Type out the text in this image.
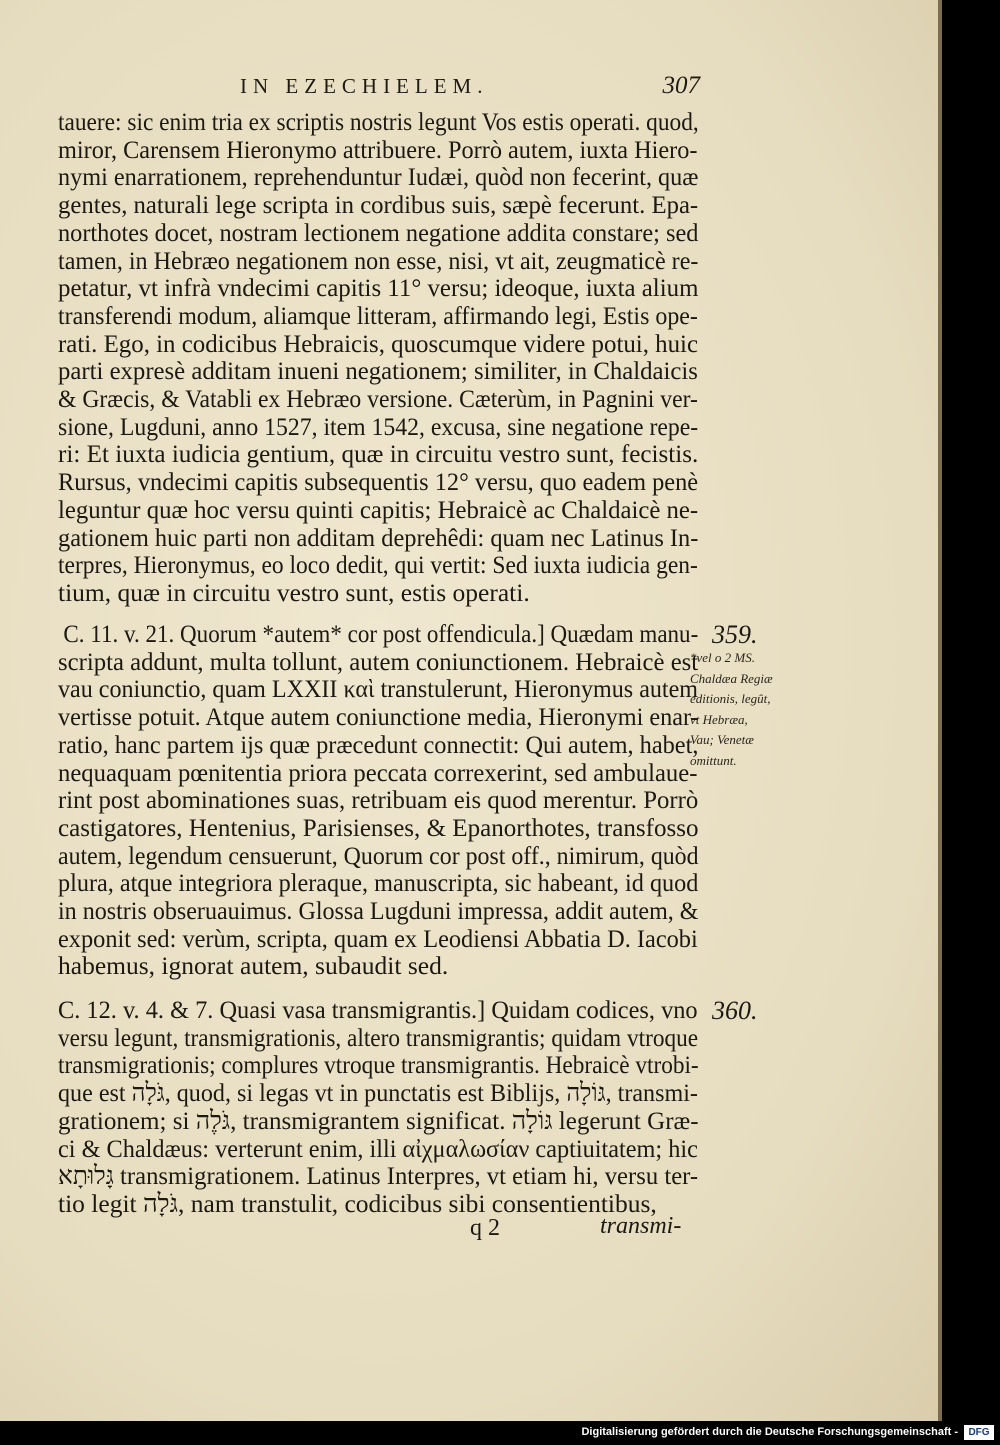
IN EZECHIELEM.	307
tauere: sic enim tria ex scriptis nostris legunt Vos estis operati. quod,
miror, Carensem Hieronymo attribuere. Porrò autem, iuxta Hiero-
nymi enarrationem, reprehenduntur Iudæi, quòd non fecerint, quæ
gentes, naturali lege scripta in cordibus suis, sæpè fecerunt. Epa-
northotes docet, nostram lectionem negatione addita constare; sed
tamen, in Hebræo negationem non esse, nisi, vt ait, zeugmaticè re-
petatur, vt infrà vndecimi capitis 11° versu; ideoque, iuxta alium
transferendi modum, aliamque litteram, affirmando legi, Estis ope-
rati. Ego, in codicibus Hebraicis, quoscumque videre potui, huic
parti expresè additam inueni negationem; similiter, in Chaldaicis
& Græcis, & Vatabli ex Hebræo versione. Cæterùm, in Pagnini ver-
sione, Lugduni, anno 1527, item 1542, excusa, sine negatione repe-
ri: Et iuxta iudicia gentium, quæ in circuitu vestro sunt, fecistis.
Rursus, vndecimi capitis subsequentis 12° versu, quo eadem penè
leguntur quæ hoc versu quinti capitis; Hebraicè ac Chaldaicè ne-
gationem huic parti non additam deprehêdi: quam nec Latinus In-
terpres, Hieronymus, eo loco dedit, qui vertit: Sed iuxta iudicia gen-
tium, quæ in circuitu vestro sunt, estis operati.
359.
*vel o 2 MS.
Chaldæa Regiæ
editionis, legût,
vt Hebræa,
Vau; Venetæ
omittunt.
C. 11. v. 21. Quorum *autem* cor post offendicula.] Quædam manu-
scripta addunt, multa tollunt, autem coniunctionem. Hebraicè est
vau coniunctio, quam LXXII καὶ transtulerunt, Hieronymus autem
vertisse potuit. Atque autem coniunctione media, Hieronymi enar-
ratio, hanc partem ijs quæ præcedunt connectit: Qui autem, habet,
nequaquam pœnitentia priora peccata correxerint, sed ambulaue-
rint post abominationes suas, retribuam eis quod merentur. Porrò
castigatores, Hentenius, Parisienses, & Epanorthotes, transfosso
autem, legendum censuerunt, Quorum cor post off., nimirum, quòd
plura, atque integriora pleraque, manuscripta, sic habeant, id quod
in nostris obseruauimus. Glossa Lugduni impressa, addit autem, &
exponit sed: verùm, scripta, quam ex Leodiensi Abbatia D. Iacobi
habemus, ignorat autem, subaudit sed.
360.
C. 12. v. 4. & 7. Quasi vasa transmigrantis.] Quidam codices, vno
versu legunt, transmigrationis, altero transmigrantis; quidam vtroque
transmigrationis; complures vtroque transmigrantis. Hebraicè vtrobi-
que est גֹּלָה, quod, si legas vt in punctatis est Biblijs, גּוֹלָה, transmi-
grationem; si גֹּלֶה, transmigrantem significat. גּוֹלָה legerunt Græ-
ci & Chaldæus: verterunt enim, illi αἰχμαλωσίαν captiuitatem; hic
גָּלוּתָא transmigrationem. Latinus Interpres, vt etiam hi, versu ter-
tio legit גֹּלָה, nam transtulit, codicibus sibi consentientibus,
q 2	transmi-
Digitalisierung gefördert durch die Deutsche Forschungsgemeinschaft -	DFG
